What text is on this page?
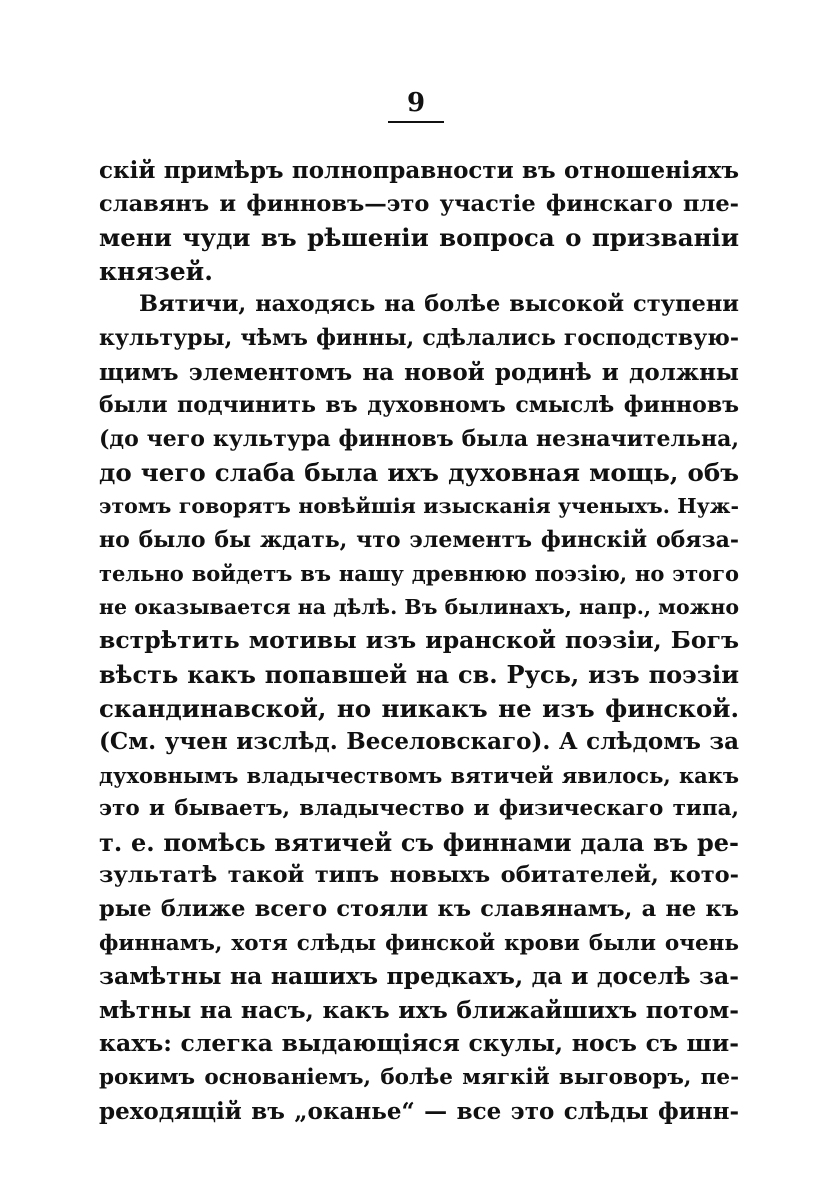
9
скій примѣръ полноправности въ отношеніяхъ
славянъ и финновъ—это участіе финскаго пле-
мени чуди въ рѣшеніи вопроса о призваніи
князей.
Вятичи, находясь на болѣе высокой ступени
культуры, чѣмъ финны, сдѣлались господствую-
щимъ элементомъ на новой родинѣ и должны
были подчинить въ духовномъ смыслѣ финновъ
(до чего культура финновъ была незначительна,
до чего слаба была ихъ духовная мощь, объ
этомъ говорятъ новѣйшія изысканія ученыхъ. Нуж-
но было бы ждать, что элементъ финскій обяза-
тельно войдетъ въ нашу древнюю поэзію, но этого
не оказывается на дѣлѣ. Въ былинахъ, напр., можно
встрѣтить мотивы изъ иранской поэзіи, Богъ
вѣсть какъ попавшей на св. Русь, изъ поэзіи
скандинавской, но никакъ не изъ финской.
(См. учен изслѣд. Веселовскаго). А слѣдомъ за
духовнымъ владычествомъ вятичей явилось, какъ
это и бываетъ, владычество и физическаго типа,
т. е. помѣсь вятичей съ финнами дала въ ре-
зультатѣ такой типъ новыхъ обитателей, кото-
рые ближе всего стояли къ славянамъ, а не къ
финнамъ, хотя слѣды финской крови были очень
замѣтны на нашихъ предкахъ, да и доселѣ за-
мѣтны на насъ, какъ ихъ ближайшихъ потом-
кахъ: слегка выдающіяся скулы, носъ съ ши-
рокимъ основаніемъ, болѣе мягкій выговоръ, пе-
реходящій въ „оканье“ — все это слѣды финн-
